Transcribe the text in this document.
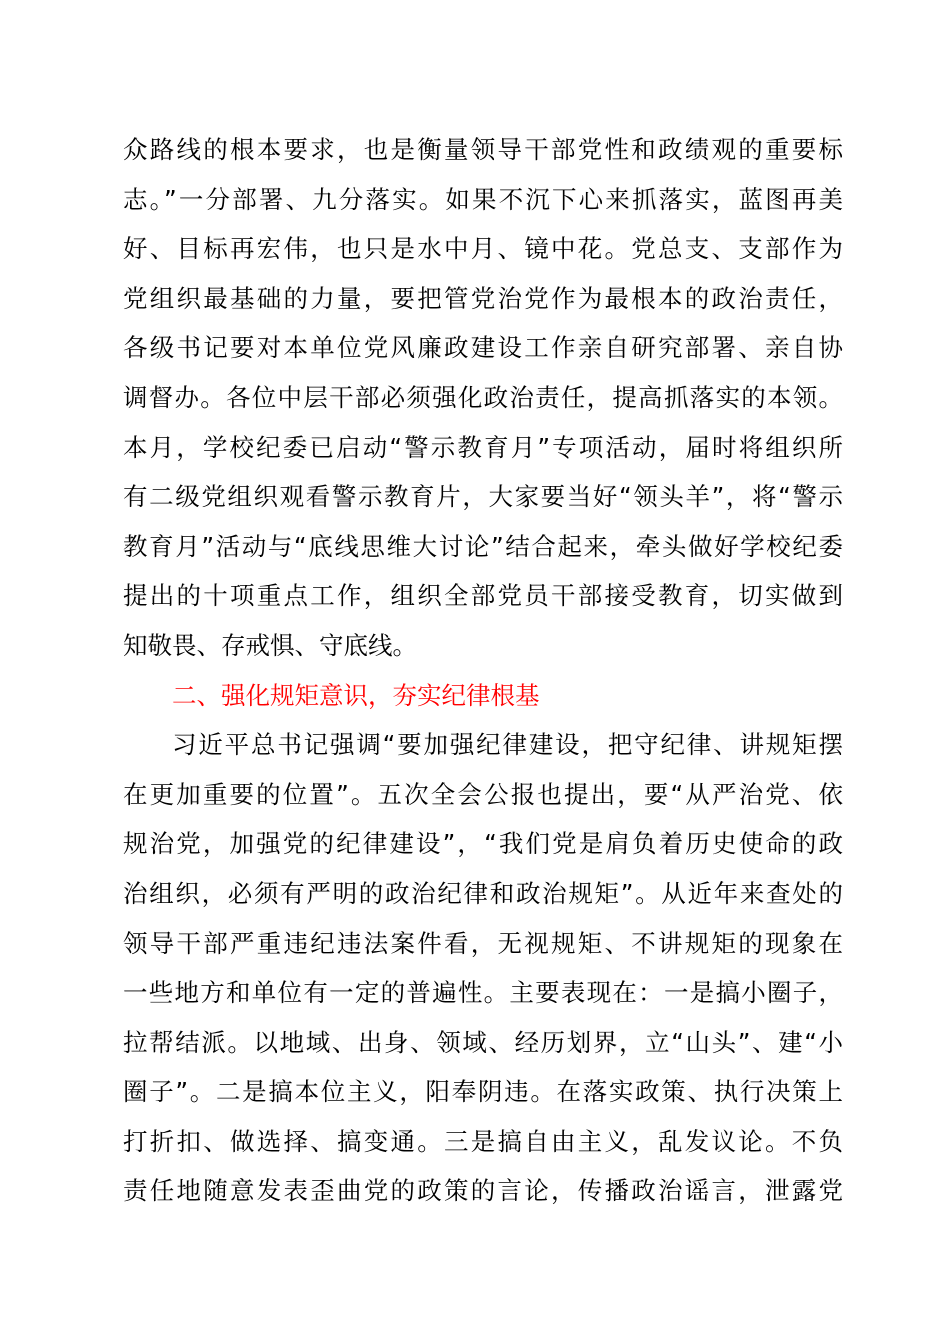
众路线的根本要求，也是衡量领导干部党性和政绩观的重要标
志。”一分部署、九分落实。如果不沉下心来抓落实，蓝图再美
好、目标再宏伟，也只是水中月、镜中花。党总支、支部作为
党组织最基础的力量，要把管党治党作为最根本的政治责任，
各级书记要对本单位党风廉政建设工作亲自研究部署、亲自协
调督办。各位中层干部必须强化政治责任，提高抓落实的本领。
本月，学校纪委已启动“警示教育月”专项活动，届时将组织所
有二级党组织观看警示教育片，大家要当好“领头羊”，将“警示
教育月”活动与“底线思维大讨论”结合起来，牵头做好学校纪委
提出的十项重点工作，组织全部党员干部接受教育，切实做到
知敬畏、存戒惧、守底线。
二、强化规矩意识，夯实纪律根基
习近平总书记强调“要加强纪律建设，把守纪律、讲规矩摆
在更加重要的位置”。五次全会公报也提出，要“从严治党、依
规治党，加强党的纪律建设”，“我们党是肩负着历史使命的政
治组织，必须有严明的政治纪律和政治规矩”。从近年来查处的
领导干部严重违纪违法案件看，无视规矩、不讲规矩的现象在
一些地方和单位有一定的普遍性。主要表现在：一是搞小圈子，
拉帮结派。以地域、出身、领域、经历划界，立“山头”、建“小
圈子”。二是搞本位主义，阳奉阴违。在落实政策、执行决策上
打折扣、做选择、搞变通。三是搞自由主义，乱发议论。不负
责任地随意发表歪曲党的政策的言论，传播政治谣言，泄露党
